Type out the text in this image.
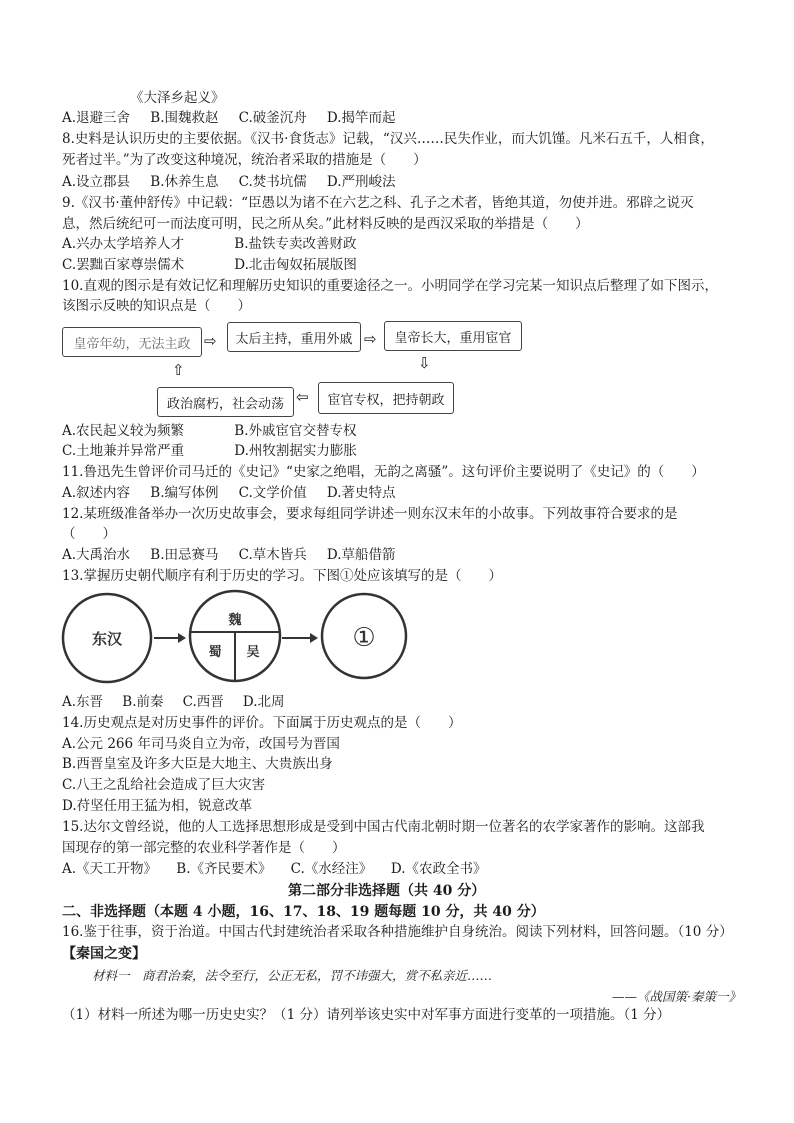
《大泽乡起义》
A.退避三舍 B.围魏救赵 C.破釜沉舟 D.揭竿而起
8.史料是认识历史的主要依据。《汉书·食货志》记载，“汉兴……民失作业，而大饥馑。凡米石五千，人相食，
死者过半。”为了改变这种境况，统治者采取的措施是（　　）
A.设立郡县 B.休养生息 C.焚书坑儒 D.严刑峻法
9.《汉书·董仲舒传》中记载：“臣愚以为诸不在六艺之科、孔子之术者，皆绝其道，勿使并进。邪辟之说灭
息，然后统纪可一而法度可明，民之所从矣。”此材料反映的是西汉采取的举措是（　　）
A.兴办太学培养人才	B.盐铁专卖改善财政
C.罢黜百家尊崇儒术	D.北击匈奴拓展版图
10.直观的图示是有效记忆和理解历史知识的重要途径之一。小明同学在学习完某一知识点后整理了如下图示，
该图示反映的知识点是（　　）
皇帝年幼，无法主政 ⇨	太后主持，重用外戚 ⇨	皇帝长大，重用宦官
⇩
宦官专权，把持朝政
⇦
政治腐朽，社会动荡
⇧
A.农民起义较为频繁	B.外戚宦官交替专权
C.土地兼并异常严重	D.州牧割据实力膨胀
11.鲁迅先生曾评价司马迁的《史记》“史家之绝唱，无韵之离骚”。这句评价主要说明了《史记》的（　　）
A.叙述内容 B.编写体例 C.文学价值 D.著史特点
12.某班级准备举办一次历史故事会，要求每组同学讲述一则东汉末年的小故事。下列故事符合要求的是
（　　）
A.大禹治水 B.田忌赛马 C.草木皆兵 D.草船借箭
13.掌握历史朝代顺序有利于历史的学习。下图①处应该填写的是（　　）
东汉
魏
蜀 吴	①
A.东晋 B.前秦 C.西晋 D.北周
14.历史观点是对历史事件的评价。下面属于历史观点的是（　　）
A.公元 266 年司马炎自立为帝，改国号为晋国
B.西晋皇室及许多大臣是大地主、大贵族出身
C.八王之乱给社会造成了巨大灾害
D.苻坚任用王猛为相，锐意改革
15.达尔文曾经说，他的人工选择思想形成是受到中国古代南北朝时期一位著名的农学家著作的影响。这部我
国现存的第一部完整的农业科学著作是（　　）
A.《天工开物》 B.《齐民要术》 C.《水经注》 D.《农政全书》
第二部分非选择题（共 40 分）
二、非选择题（本题 4 小题，16、17、18、19 题每题 10 分，共 40 分）
16.鉴于往事，资于治道。中国古代封建统治者采取各种措施维护自身统治。阅读下列材料，回答问题。（10 分）
【秦国之变】
材料一　商君治秦，法令至行，公正无私，罚不讳强大，赏不私亲近……
——《战国策·秦策一》
（1）材料一所述为哪一历史史实？（1 分）请列举该史实中对军事方面进行变革的一项措施。（1 分）
